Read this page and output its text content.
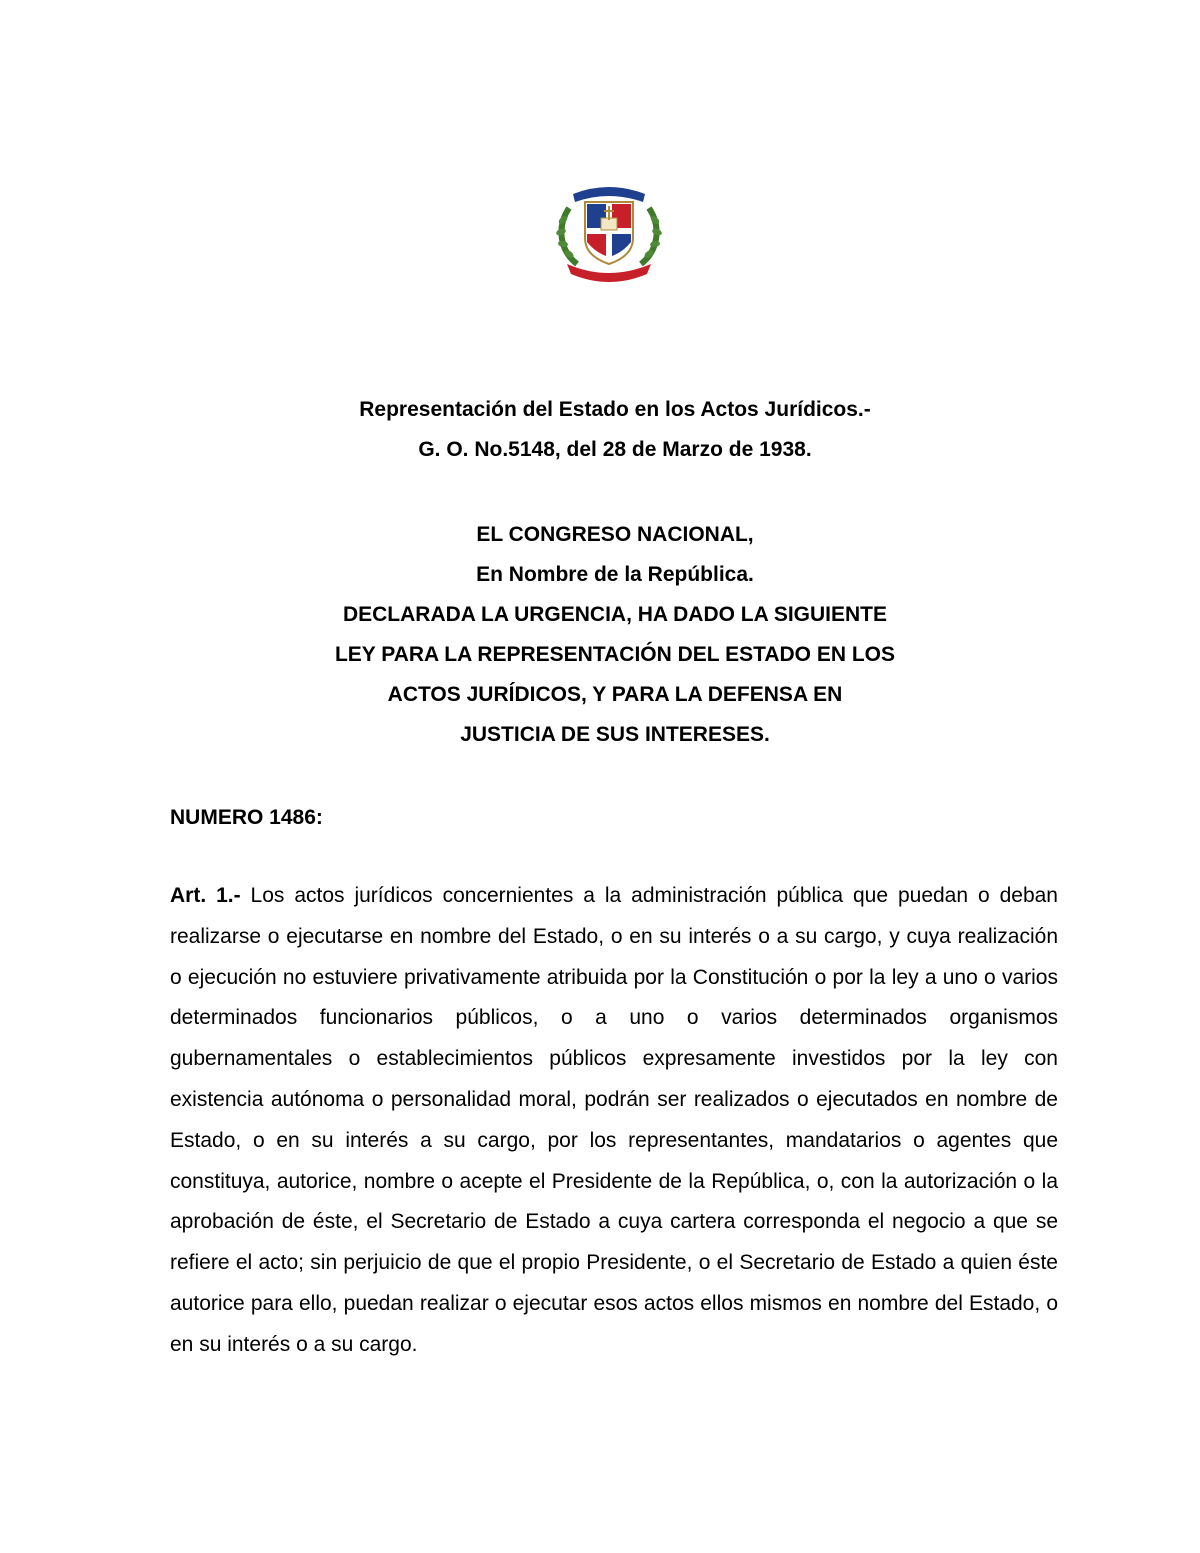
Representación del Estado en los Actos Jurídicos.-
G. O. No.5148, del 28 de Marzo de 1938.
EL CONGRESO NACIONAL,
En Nombre de la República.
DECLARADA LA URGENCIA, HA DADO LA SIGUIENTE
LEY PARA LA REPRESENTACIÓN DEL ESTADO EN LOS
ACTOS JURÍDICOS, Y PARA LA DEFENSA EN
JUSTICIA DE SUS INTERESES.
NUMERO 1486:
Art. 1.- Los actos jurídicos concernientes a la administración pública que puedan o deban realizarse o ejecutarse en nombre del Estado, o en su interés o a su cargo, y cuya realización o ejecución no estuviere privativamente atribuida por la Constitución o por la ley a uno o varios determinados funcionarios públicos, o a uno o varios determinados organismos gubernamentales o establecimientos públicos expresamente investidos por la ley con existencia autónoma o personalidad moral, podrán ser realizados o ejecutados en nombre de Estado, o en su interés a su cargo, por los representantes, mandatarios o agentes que constituya, autorice, nombre o acepte el Presidente de la República, o, con la autorización o la aprobación de éste, el Secretario de Estado a cuya cartera corresponda el negocio a que se refiere el acto; sin perjuicio de que el propio Presidente, o el Secretario de Estado a quien éste autorice para ello, puedan realizar o ejecutar esos actos ellos mismos en nombre del Estado, o en su interés o a su cargo.
